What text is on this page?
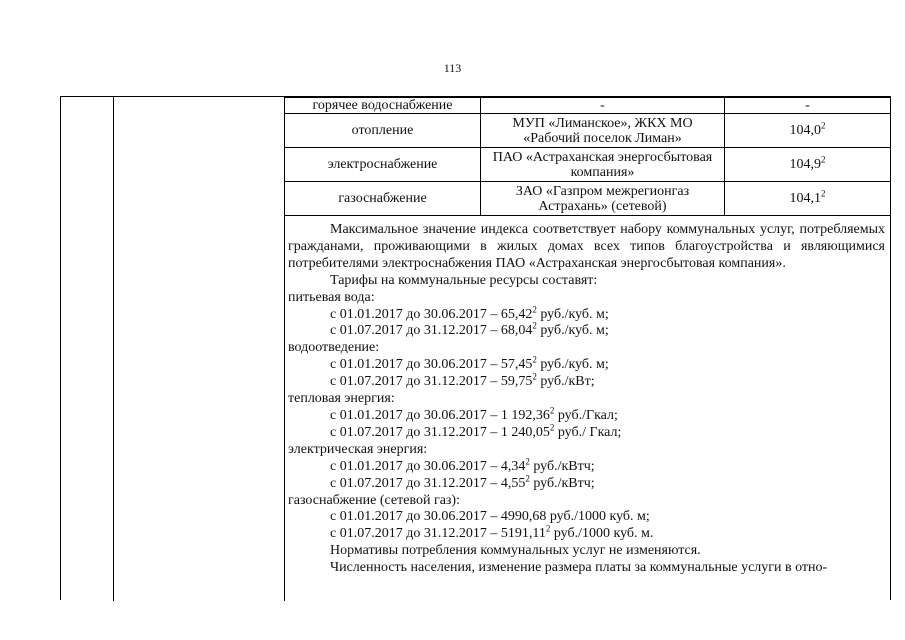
113
горячее водоснабжение	-	-
отопление	МУП «Лиманское», ЖКХ МО «Рабочий поселок Лиман»	104,0$^2$
электроснабжение	ПАО «Астраханская энергосбытовая компания»	104,9$^2$
газоснабжение	ЗАО «Газпром межрегионгаз Астрахань» (сетевой)	104,1$^2$

Максимальное значение индекса соответствует набору коммунальных услуг, потребляемых гражданами, проживающими в жилых домах всех типов благоустройства и являющимися потребителями электроснабжения ПАО «Астраханская энергосбытовая компания».

Тарифы на коммунальные ресурсы составят:

питьевая вода:

с 01.01.2017 до 30.06.2017 – 65,42$^2$ руб./куб. м;

с 01.07.2017 до 31.12.2017 – 68,04$^2$ руб./куб. м;

водоотведение:

с 01.01.2017 до 30.06.2017 – 57,45$^2$ руб./куб. м;

с 01.07.2017 до 31.12.2017 – 59,75$^2$ руб./кВт;

тепловая энергия:

с 01.01.2017 до 30.06.2017 – 1 192,36$^2$ руб./Гкал;

с 01.07.2017 до 31.12.2017 – 1 240,05$^2$ руб./ Гкал;

электрическая энергия:

с 01.01.2017 до 30.06.2017 – 4,34$^2$ руб./кВтч;

с 01.07.2017 до 31.12.2017 – 4,55$^2$ руб./кВтч;

газоснабжение (сетевой газ):

с 01.01.2017 до 30.06.2017 – 4990,68 руб./1000 куб. м;

с 01.07.2017 до 31.12.2017 – 5191,11$^2$ руб./1000 куб. м.

Нормативы потребления коммунальных услуг не изменяются.

Численность населения, изменение размера платы за коммунальные услуги в отно-
